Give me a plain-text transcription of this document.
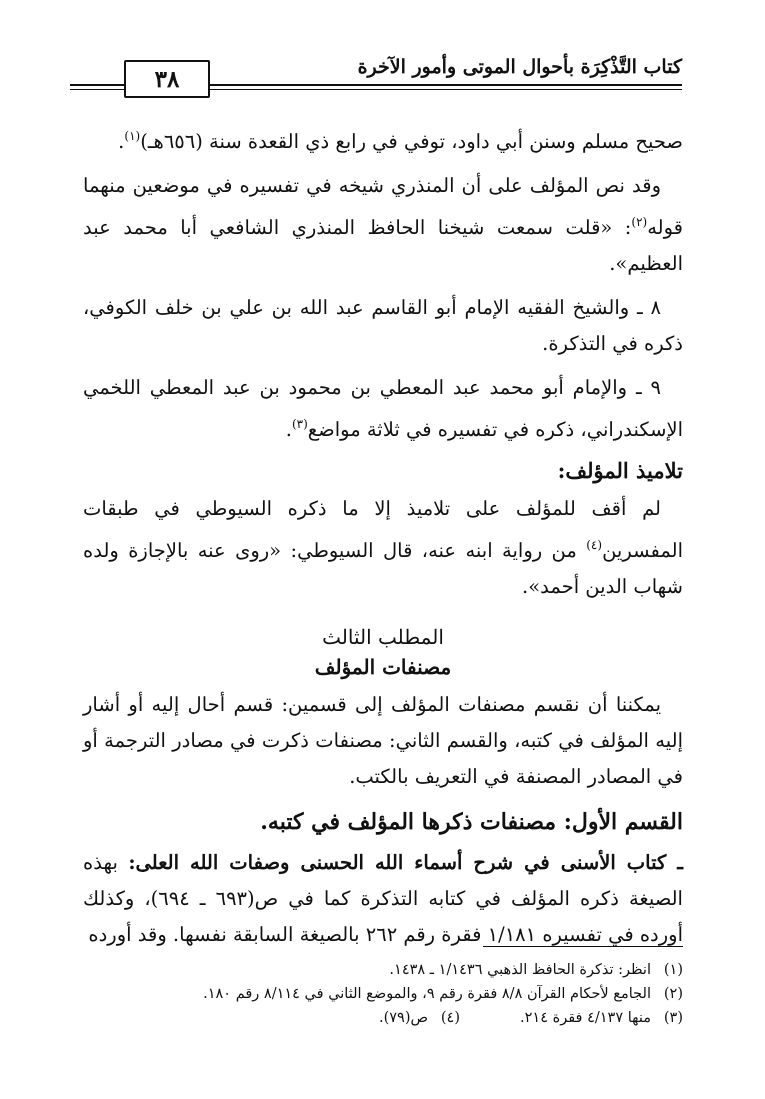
كتاب التَّذْكِرَة بأحوال الموتى وأمور الآخرة
٣٨

صحيح مسلم وسنن أبي داود، توفي في رابع ذي القعدة سنة (٦٥٦هـ)$^{(١)}$.

وقد نص المؤلف على أن المنذري شيخه في تفسيره في موضعين منهما قوله$^{(٢)}$: «قلت سمعت شيخنا الحافظ المنذري الشافعي أبا محمد عبد العظيم».

٨ ـ والشيخ الفقيه الإمام أبو القاسم عبد الله بن علي بن خلف الكوفي، ذكره في التذكرة.

٩ ـ والإمام أبو محمد عبد المعطي بن محمود بن عبد المعطي اللخمي الإسكندراني، ذكره في تفسيره في ثلاثة مواضع$^{(٣)}$.

تلاميذ المؤلف:

لم أقف للمؤلف على تلاميذ إلا ما ذكره السيوطي في طبقات المفسرين$^{(٤)}$ من رواية ابنه عنه، قال السيوطي: «روى عنه بالإجازة ولده شهاب الدين أحمد».

المطلب الثالث

مصنفات المؤلف

يمكننا أن نقسم مصنفات المؤلف إلى قسمين: قسم أحال إليه أو أشار إليه المؤلف في كتبه، والقسم الثاني: مصنفات ذكرت في مصادر الترجمة أو في المصادر المصنفة في التعريف بالكتب.

القسم الأول: مصنفات ذكرها المؤلف في كتبه.

ـ كتاب الأسنى في شرح أسماء الله الحسنى وصفات الله العلى: بهذه الصيغة ذكره المؤلف في كتابه التذكرة كما في ص(٦٩٣ ـ ٦٩٤)، وكذلك أورده في تفسيره ١/١٨١ فقرة رقم ٢٦٢ بالصيغة السابقة نفسها. وقد أورده

(١)انظر: تذكرة الحافظ الذهبي ١/١٤٣٦ ـ ١٤٣٨.
(٢)الجامع لأحكام القرآن ٨/٨ فقرة رقم ٩، والموضع الثاني في ٨/١١٤ رقم ١٨٠.
(٣)منها ٤/١٣٧ فقرة ٢١٤.
(٤)ص(٧٩).
